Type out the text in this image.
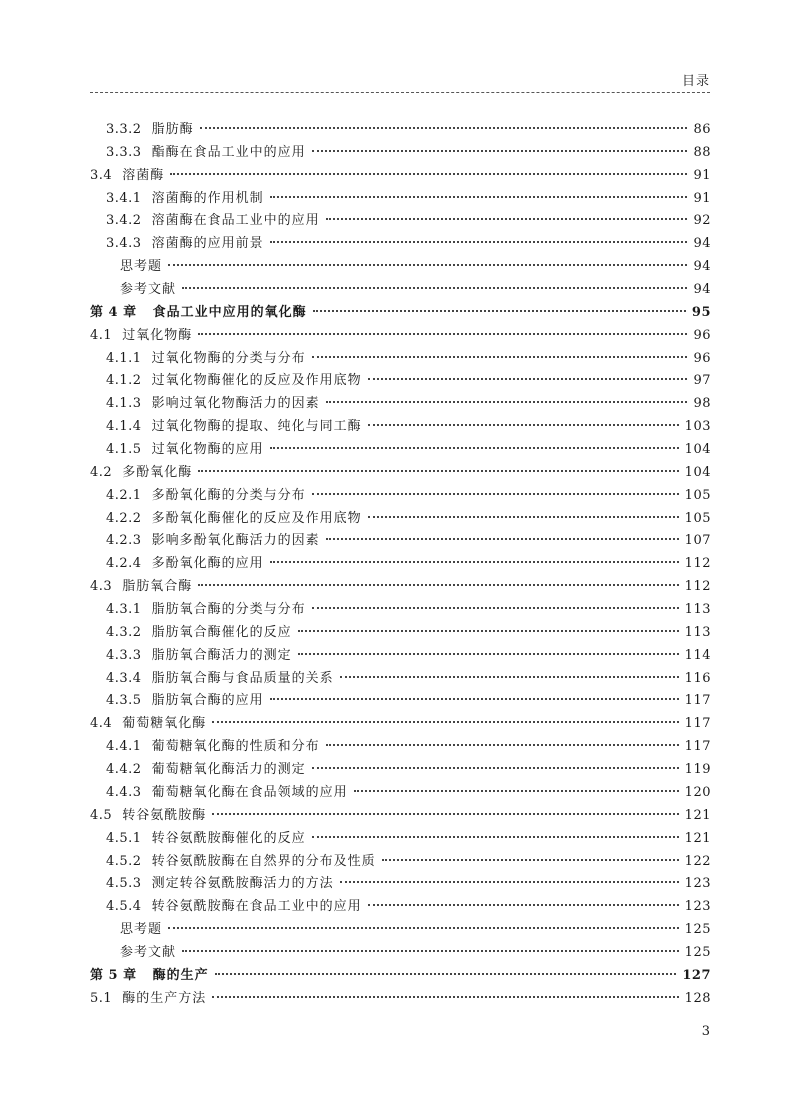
目录
3.3.2 脂肪酶	86
3.3.3 酯酶在食品工业中的应用	88
3.4 溶菌酶	91
3.4.1 溶菌酶的作用机制	91
3.4.2 溶菌酶在食品工业中的应用	92
3.4.3 溶菌酶的应用前景	94
思考题	94
参考文献	94
第 4 章 食品工业中应用的氧化酶	95
4.1 过氧化物酶	96
4.1.1 过氧化物酶的分类与分布	96
4.1.2 过氧化物酶催化的反应及作用底物	97
4.1.3 影响过氧化物酶活力的因素	98
4.1.4 过氧化物酶的提取、纯化与同工酶	103
4.1.5 过氧化物酶的应用	104
4.2 多酚氧化酶	104
4.2.1 多酚氧化酶的分类与分布	105
4.2.2 多酚氧化酶催化的反应及作用底物	105
4.2.3 影响多酚氧化酶活力的因素	107
4.2.4 多酚氧化酶的应用	112
4.3 脂肪氧合酶	112
4.3.1 脂肪氧合酶的分类与分布	113
4.3.2 脂肪氧合酶催化的反应	113
4.3.3 脂肪氧合酶活力的测定	114
4.3.4 脂肪氧合酶与食品质量的关系	116
4.3.5 脂肪氧合酶的应用	117
4.4 葡萄糖氧化酶	117
4.4.1 葡萄糖氧化酶的性质和分布	117
4.4.2 葡萄糖氧化酶活力的测定	119
4.4.3 葡萄糖氧化酶在食品领域的应用	120
4.5 转谷氨酰胺酶	121
4.5.1 转谷氨酰胺酶催化的反应	121
4.5.2 转谷氨酰胺酶在自然界的分布及性质	122
4.5.3 测定转谷氨酰胺酶活力的方法	123
4.5.4 转谷氨酰胺酶在食品工业中的应用	123
思考题	125
参考文献	125
第 5 章 酶的生产	127
5.1 酶的生产方法	128
3
